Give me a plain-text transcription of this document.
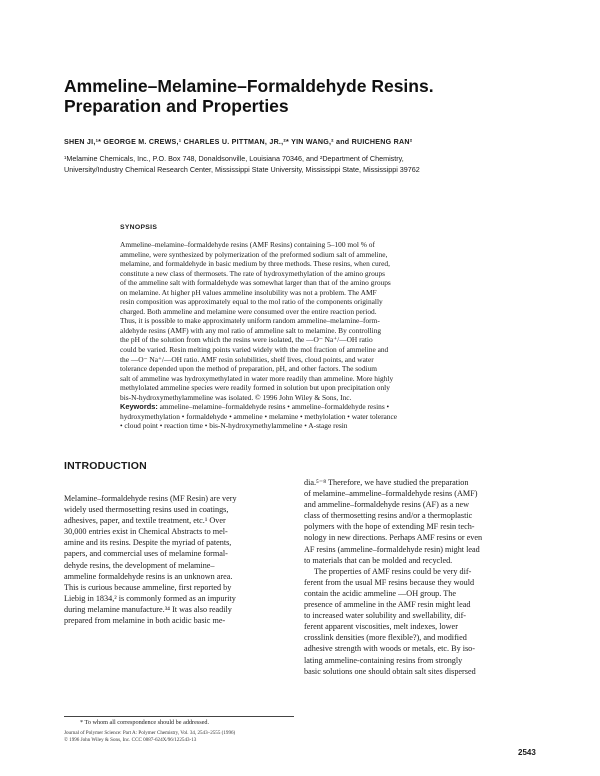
Ammeline–Melamine–Formaldehyde Resins.
Preparation and Properties
SHEN JI,¹* GEORGE M. CREWS,¹ CHARLES U. PITTMAN, JR.,²* YIN WANG,² and RUICHENG RAN²
¹Melamine Chemicals, Inc., P.O. Box 748, Donaldsonville, Louisiana 70346, and ²Department of Chemistry,
University/Industry Chemical Research Center, Mississippi State University, Mississippi State, Mississippi 39762
SYNOPSIS
Ammeline–melamine–formaldehyde resins (AMF Resins) containing 5–100 mol % of
ammeline, were synthesized by polymerization of the preformed sodium salt of ammeline,
melamine, and formaldehyde in basic medium by three methods. These resins, when cured,
constitute a new class of thermosets. The rate of hydroxymethylation of the amino groups
of the ammeline salt with formaldehyde was somewhat larger than that of the amino groups
on melamine. At higher pH values ammeline insolubility was not a problem. The AMF
resin composition was approximately equal to the mol ratio of the components originally
charged. Both ammeline and melamine were consumed over the entire reaction period.
Thus, it is possible to make approximately uniform random ammeline–melamine–form-
aldehyde resins (AMF) with any mol ratio of ammeline salt to melamine. By controlling
the pH of the solution from which the resins were isolated, the —O⁻ Na⁺/—OH ratio
could be varied. Resin melting points varied widely with the mol fraction of ammeline and
the —O⁻ Na⁺/—OH ratio. AMF resin solubilities, shelf lives, cloud points, and water
tolerance depended upon the method of preparation, pH, and other factors. The sodium
salt of ammeline was hydroxymethylated in water more readily than ammeline. More highly
methylolated ammeline species were readily formed in solution but upon precipitation only
bis-N-hydroxymethylammeline was isolated. © 1996 John Wiley & Sons, Inc.
Keywords: ammeline–melamine–formaldehyde resins • ammeline–formaldehyde resins •
hydroxymethylation • formaldehyde • ammeline • melamine • methylolation • water tolerance
• cloud point • reaction time • bis-N-hydroxymethylammeline • A-stage resin
INTRODUCTION

Melamine–formaldehyde resins (MF Resin) are very
widely used thermosetting resins used in coatings,
adhesives, paper, and textile treatment, etc.¹ Over
30,000 entries exist in Chemical Abstracts to mel-
amine and its resins. Despite the myriad of patents,
papers, and commercial uses of melamine formal-
dehyde resins, the development of melamine–
ammeline formaldehyde resins is an unknown area.
This is curious because ammeline, first reported by
Liebig in 1834,² is commonly formed as an impurity
during melamine manufacture.³⁴ It was also readily
prepared from melamine in both acidic basic me-

dia.⁵⁻⁸ Therefore, we have studied the preparation
of melamine–ammeline–formaldehyde resins (AMF)
and ammeline–formaldehyde resins (AF) as a new
class of thermosetting resins and/or a thermoplastic
polymers with the hope of extending MF resin tech-
nology in new directions. Perhaps AMF resins or even
AF resins (ammeline–formaldehyde resin) might lead
to materials that can be molded and recycled.

The properties of AMF resins could be very dif-
ferent from the usual MF resins because they would
contain the acidic ammeline —OH group. The
presence of ammeline in the AMF resin might lead
to increased water solubility and swellability, dif-
ferent apparent viscosities, melt indexes, lower
crosslink densities (more flexible?), and modified
adhesive strength with woods or metals, etc. By iso-
lating ammeline-containing resins from strongly
basic solutions one should obtain salt sites dispersed

* To whom all correspondence should be addressed.
Journal of Polymer Science: Part A: Polymer Chemistry, Vol. 34, 2543–2555 (1996)
© 1996 John Wiley & Sons, Inc. CCC 0887-624X/96/122543-13
2543
